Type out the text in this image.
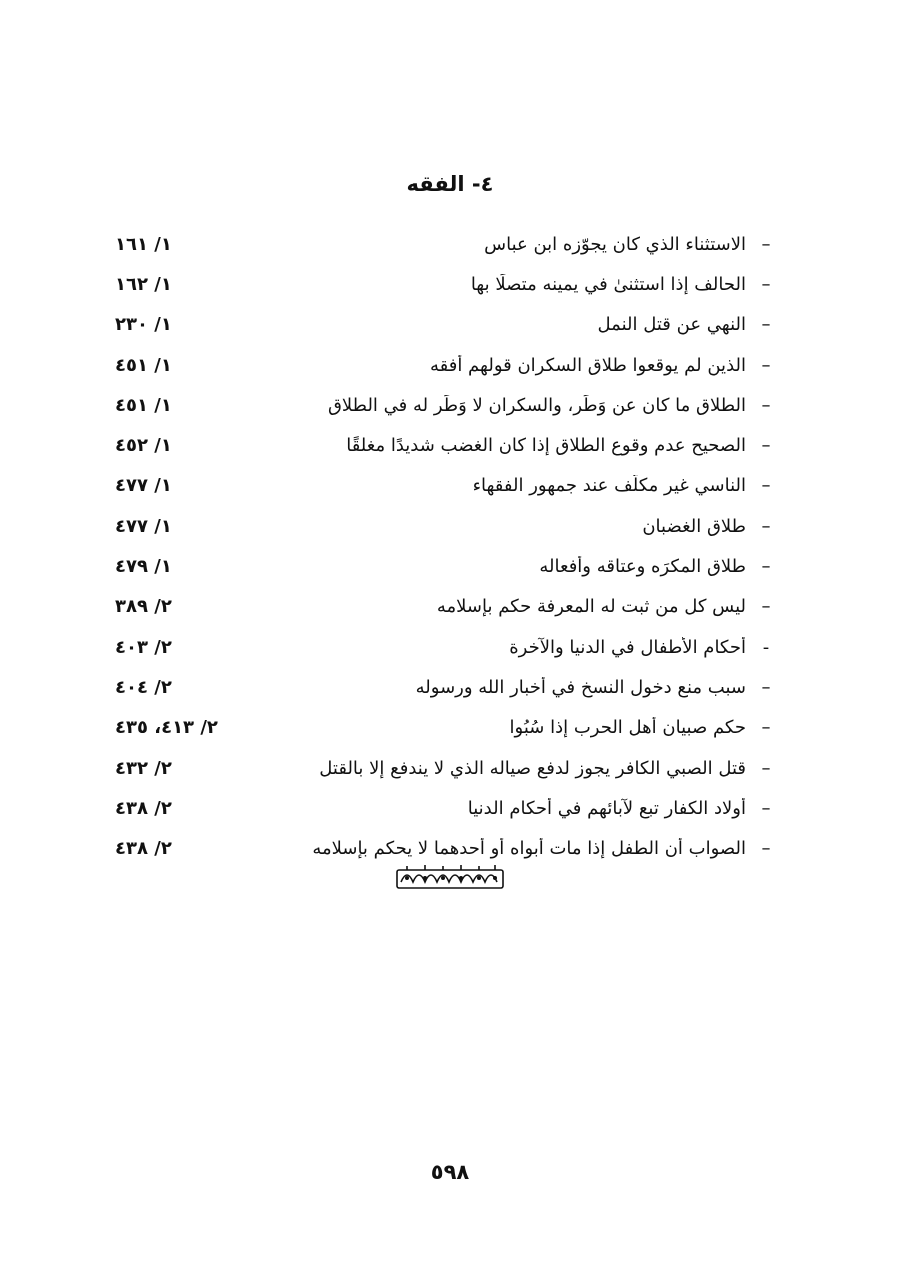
٤- الفقه
–
الاستثناء الذي كان يجوّزه ابن عباس
١/ ١٦١
–
الحالف إذا استثنىٰ في يمينه متصلًا بها
١/ ١٦٢
–
النهي عن قتل النمل
١/ ٢٣٠
–
الذين لم يوقعوا طلاق السكران قولهم أفقه
١/ ٤٥١
–
الطلاق ما كان عن وَطَر، والسكران لا وَطَر له في الطلاق
١/ ٤٥١
–
الصحيح عدم وقوع الطلاق إذا كان الغضب شديدًا مغلقًا
١/ ٤٥٢
–
الناسي غير مكلّف عند جمهور الفقهاء
١/ ٤٧٧
–
طلاق الغضبان
١/ ٤٧٧
–
طلاق المكرَه وعتاقه وأفعاله
١/ ٤٧٩
–
ليس كل من ثبت له المعرفة حكم بإسلامه
٢/ ٣٨٩
-
أحكام الأطفال في الدنيا والآخرة
٢/ ٤٠٣
–
سبب منع دخول النسخ في أخبار الله ورسوله
٢/ ٤٠٤
–
حكم صبيان أهل الحرب إذا سُبُوا
٢/ ٤١٣، ٤٣٥
–
قتل الصبي الكافر يجوز لدفع صياله الذي لا يندفع إلا بالقتل
٢/ ٤٣٢
–
أولاد الكفار تبع لآبائهم في أحكام الدنيا
٢/ ٤٣٨
–
الصواب أن الطفل إذا مات أبواه أو أحدهما لا يحكم بإسلامه
٢/ ٤٣٨
٥٩٨
